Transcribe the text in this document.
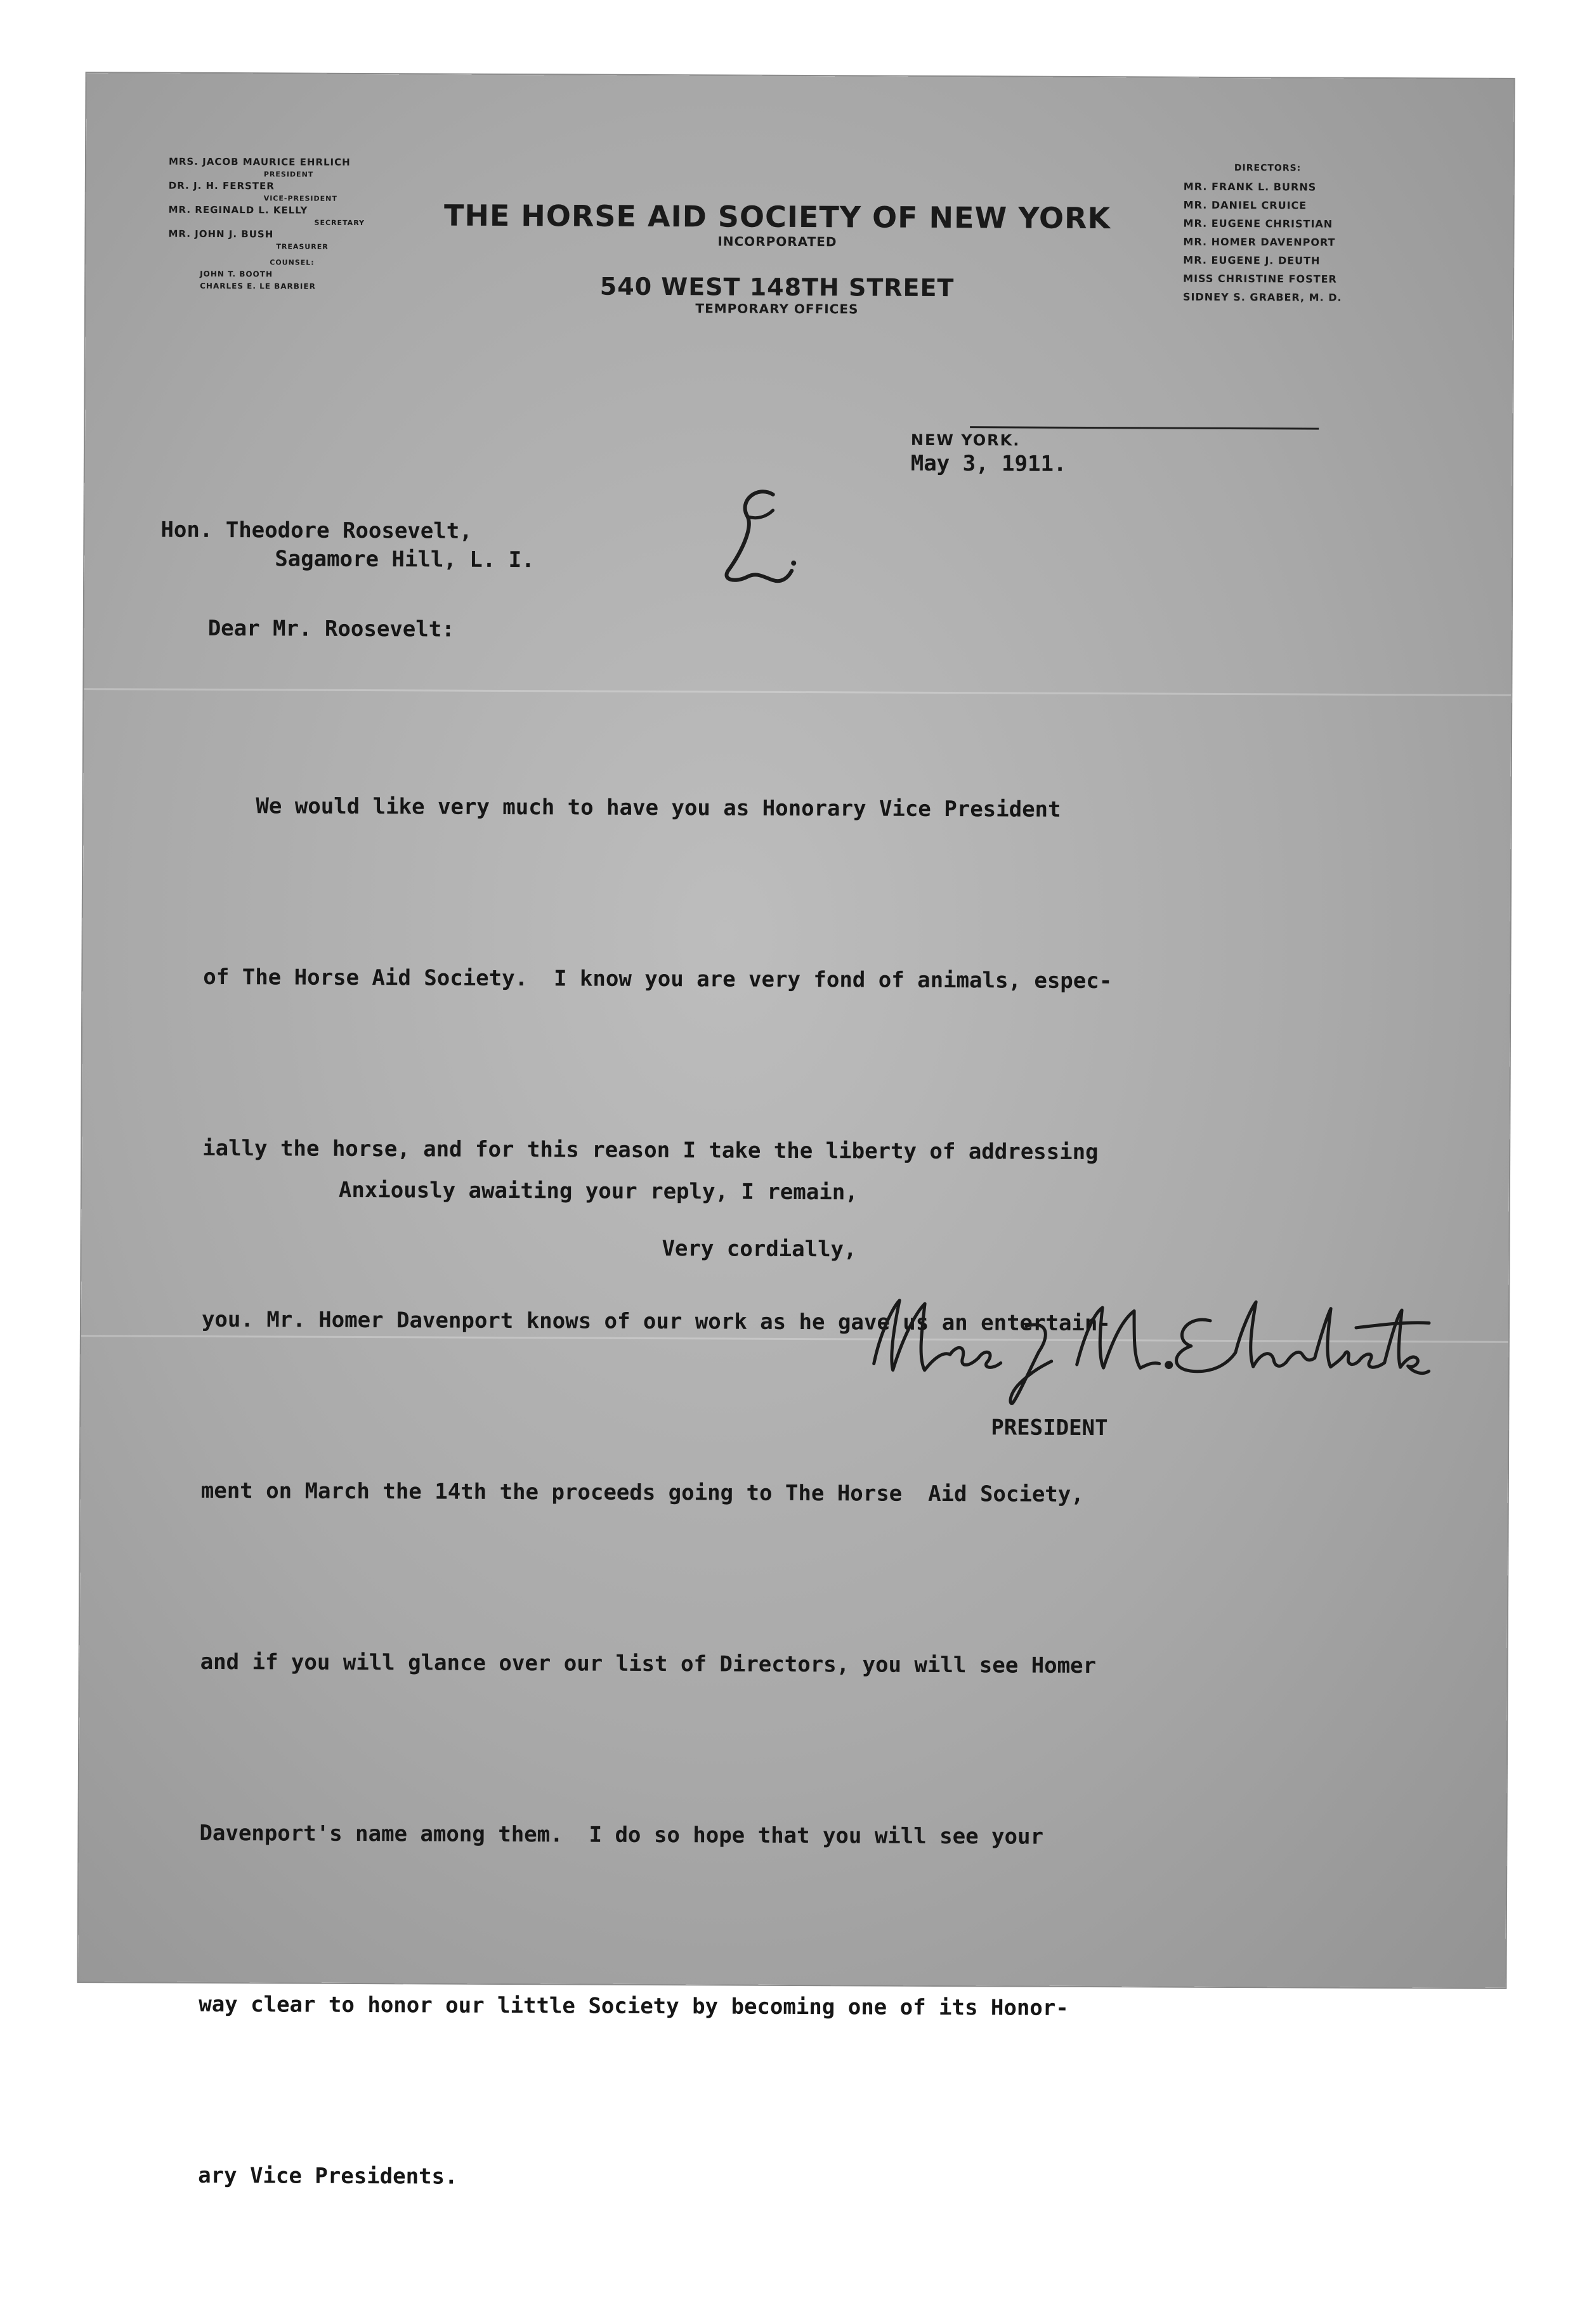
MRS. JACOB MAURICE EHRLICH
PRESIDENT
DR. J. H. FERSTER
VICE-PRESIDENT
MR. REGINALD L. KELLY
SECRETARY
MR. JOHN J. BUSH
TREASURER
COUNSEL:
JOHN T. BOOTH
CHARLES E. LE BARBIER
THE HORSE AID SOCIETY OF NEW YORK
INCORPORATED
540 WEST 148TH STREET
TEMPORARY OFFICES
DIRECTORS:
MR. FRANK L. BURNS
MR. DANIEL CRUICE
MR. EUGENE CHRISTIAN
MR. HOMER DAVENPORT
MR. EUGENE J. DEUTH
MISS CHRISTINE FOSTER
SIDNEY S. GRABER, M. D.

NEW YORK.
May 3, 1911.

Hon. Theodore Roosevelt,
Sagamore Hill, L. I.
Dear Mr. Roosevelt:

We would like very much to have you as Honorary Vice President

of The Horse Aid Society.  I know you are very fond of animals, espec-

ially the horse, and for this reason I take the liberty of addressing

you. Mr. Homer Davenport knows of our work as he gave us an entertain-

ment on March the 14th the proceeds going to The Horse  Aid Society,

and if you will glance over our list of Directors, you will see Homer

Davenport's name among them.  I do so hope that you will see your

way clear to honor our little Society by becoming one of its Honor-

ary Vice Presidents.

Anxiously awaiting your reply, I remain,
Very cordially,
PRESIDENT
